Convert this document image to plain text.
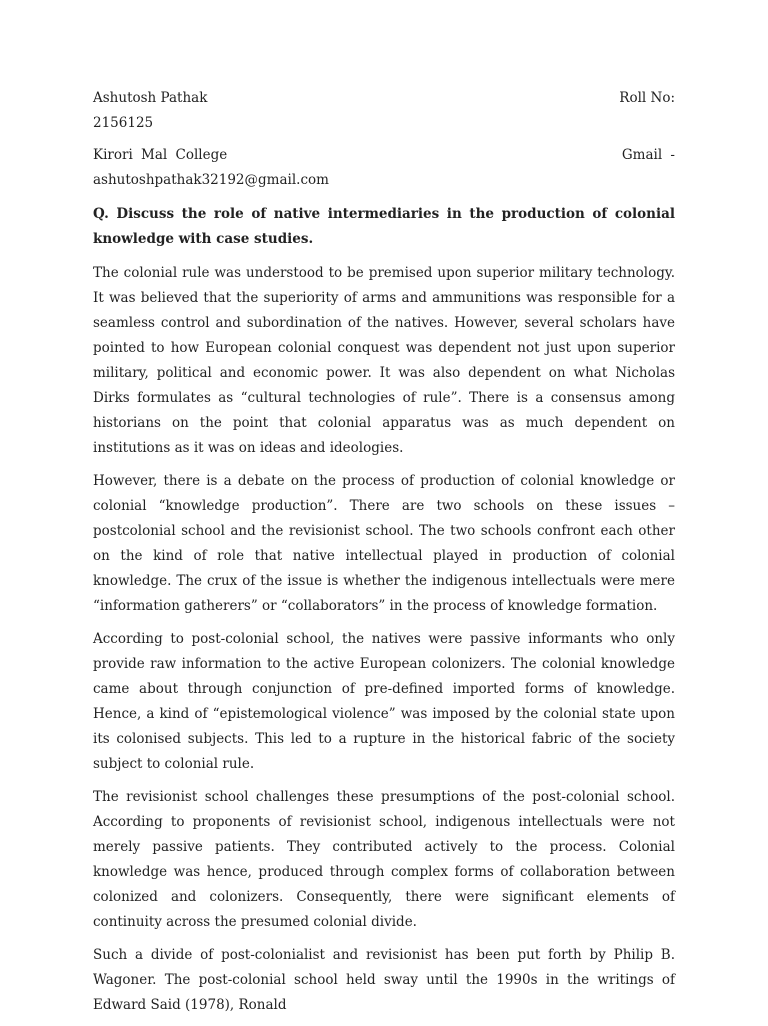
Ashutosh Pathak	Roll No:
2156125
Kirori Mal College	Gmail -
ashutoshpathak32192@gmail.com

Q. Discuss the role of native intermediaries in the production of colonial knowledge with case studies.

The colonial rule was understood to be premised upon superior military technology. It was believed that the superiority of arms and ammunitions was responsible for a seamless control and subordination of the natives. However, several scholars have pointed to how European colonial conquest was dependent not just upon superior military, political and economic power. It was also dependent on what Nicholas Dirks formulates as “cultural technologies of rule”. There is a consensus among historians on the point that colonial apparatus was as much dependent on institutions as it was on ideas and ideologies.

However, there is a debate on the process of production of colonial knowledge or colonial “knowledge production”. There are two schools on these issues – postcolonial school and the revisionist school. The two schools confront each other on the kind of role that native intellectual played in production of colonial knowledge. The crux of the issue is whether the indigenous intellectuals were mere “information gatherers” or “collaborators” in the process of knowledge formation.

According to post-colonial school, the natives were passive informants who only provide raw information to the active European colonizers. The colonial knowledge came about through conjunction of pre-defined imported forms of knowledge. Hence, a kind of “epistemological violence” was imposed by the colonial state upon its colonised subjects. This led to a rupture in the historical fabric of the society subject to colonial rule.

The revisionist school challenges these presumptions of the post-colonial school. According to proponents of revisionist school, indigenous intellectuals were not merely passive patients. They contributed actively to the process. Colonial knowledge was hence, produced through complex forms of collaboration between colonized and colonizers. Consequently, there were significant elements of continuity across the presumed colonial divide.

Such a divide of post-colonialist and revisionist has been put forth by Philip B. Wagoner. The post-colonial school held sway until the 1990s in the writings of Edward Said (1978), Ronald
